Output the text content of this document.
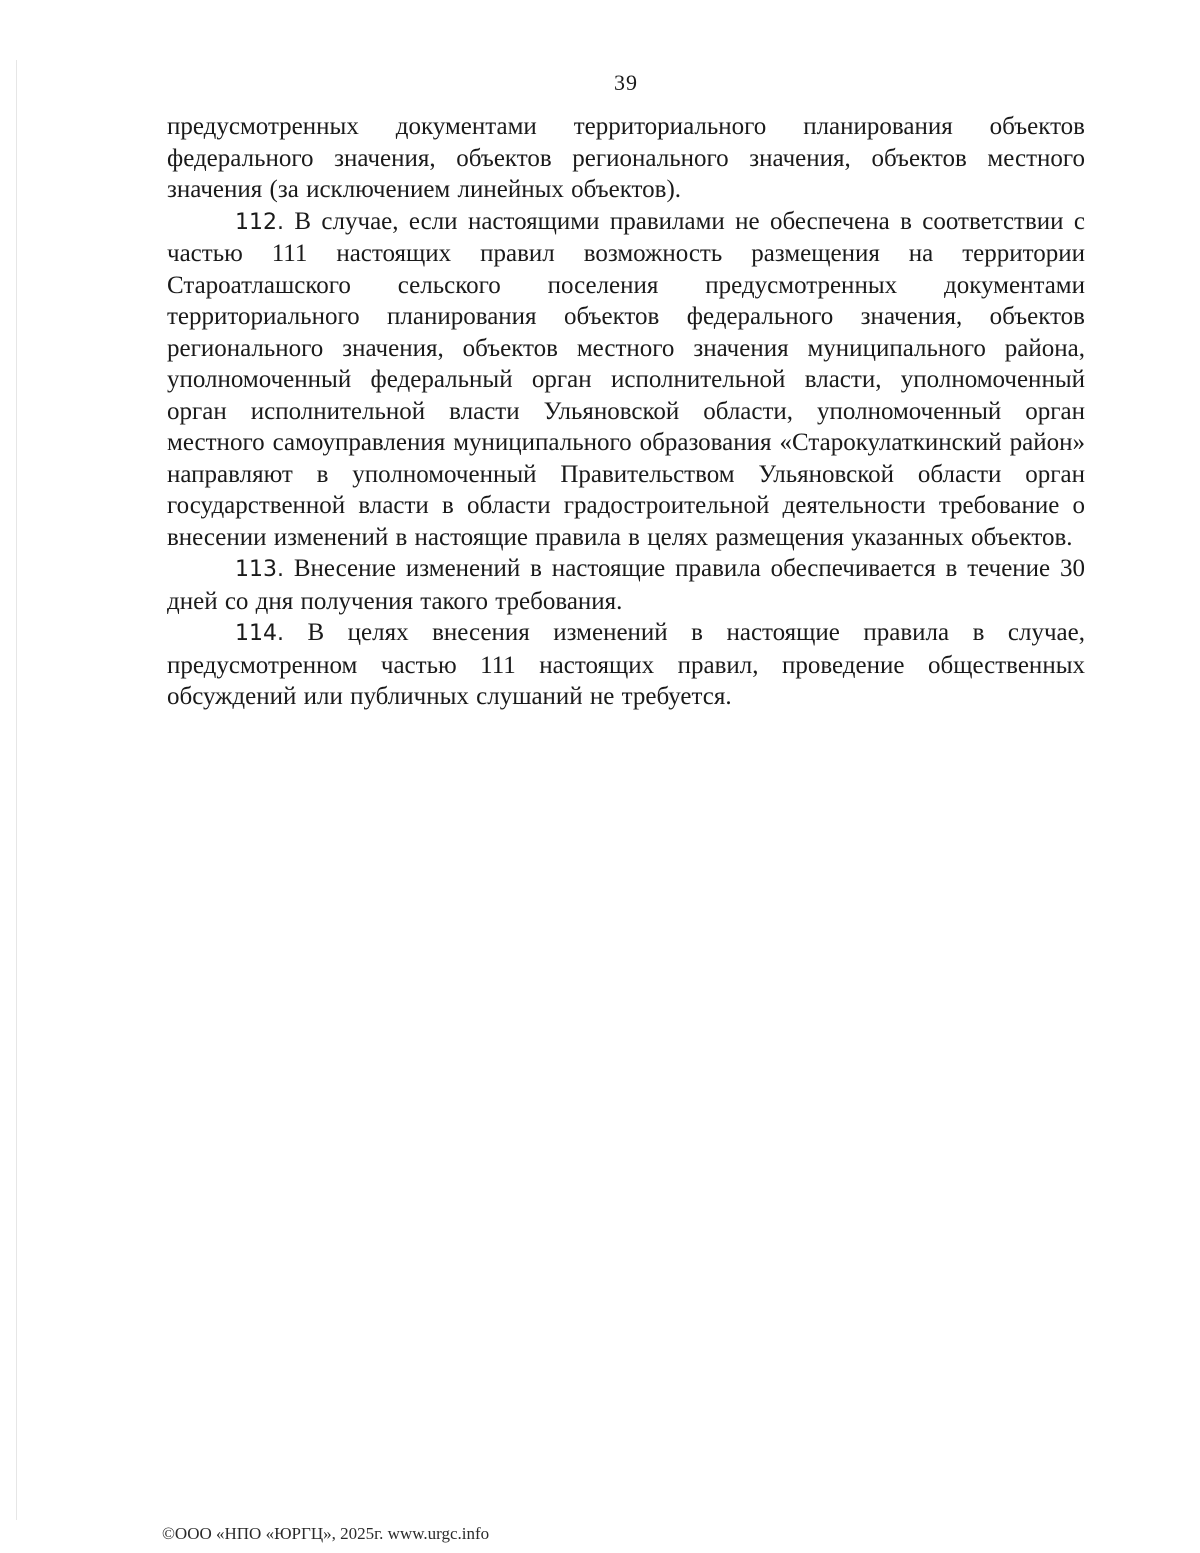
39

предусмотренных документами территориального планирования объектов федерального значения, объектов регионального значения, объектов местного значения (за исключением линейных объектов).

112. В случае, если настоящими правилами не обеспечена в соответствии с частью 111 настоящих правил возможность размещения на территории Староатлашского сельского поселения предусмотренных документами территориального планирования объектов федерального значения, объектов регионального значения, объектов местного значения муниципального района, уполномоченный федеральный орган исполнительной власти, уполномоченный орган исполнительной власти Ульяновской области, уполномоченный орган местного самоуправления муниципального образования «Старокулаткинский район» направляют в уполномоченный Правительством Ульяновской области орган государственной власти в области градостроительной деятельности требование о внесении изменений в настоящие правила в целях размещения указанных объектов.

113. Внесение изменений в настоящие правила обеспечивается в течение 30 дней со дня получения такого требования.

114. В целях внесения изменений в настоящие правила в случае, предусмотренном частью 111 настоящих правил, проведение общественных обсуждений или публичных слушаний не требуется.

©ООО «НПО «ЮРГЦ», 2025г. www.urgc.info
